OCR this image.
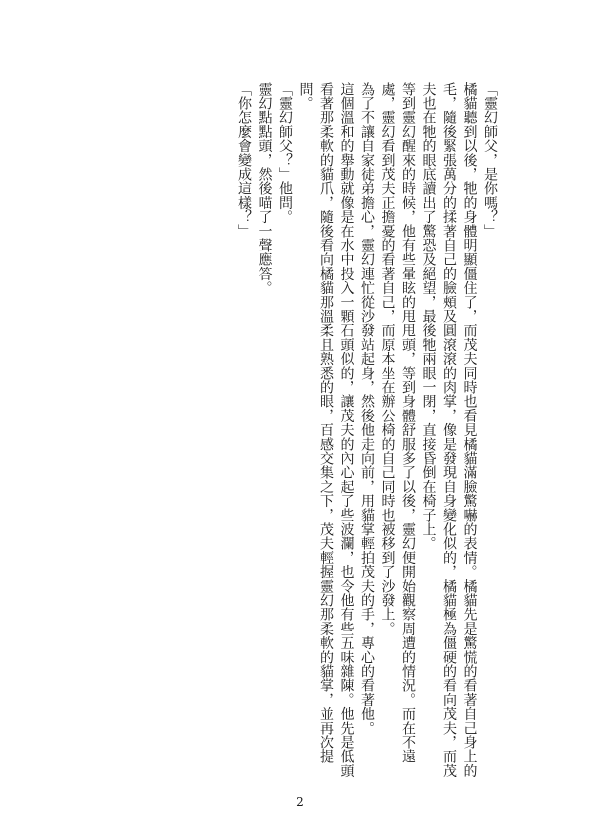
「靈幻師父，是你嗎？」

橘貓聽到以後，牠的身體明顯僵住了，而茂夫同時也看見橘貓滿臉驚嚇的表情。橘貓先是驚慌的看著自己身上的毛，隨後緊張萬分的揉著自己的臉頰及圓滾滾的肉掌，像是發現自身變化似的，橘貓極為僵硬的看向茂夫，而茂夫也在牠的眼底讀出了驚恐及絕望，最後牠兩眼一閉，直接昏倒在椅子上。

等到靈幻醒來的時候，他有些暈眩的甩甩頭，等到身體舒服多了以後，靈幻便開始觀察周遭的情況。而在不遠處，靈幻看到茂夫正擔憂的看著自己，而原本坐在辦公椅的自己同時也被移到了沙發上。

為了不讓自家徒弟擔心，靈幻連忙從沙發站起身，然後他走向前，用貓掌輕拍茂夫的手，專心的看著他。

這個溫和的舉動就像是在水中投入一顆石頭似的，讓茂夫的內心起了些波瀾，也令他有些五味雜陳。他先是低頭看著那柔軟的貓爪，隨後看向橘貓那溫柔且熟悉的眼，百感交集之下，茂夫輕握靈幻那柔軟的貓掌，並再次提問。

「靈幻師父？」他問。

靈幻點點頭，然後喵了一聲應答。

「你怎麼會變成這樣？」

2
